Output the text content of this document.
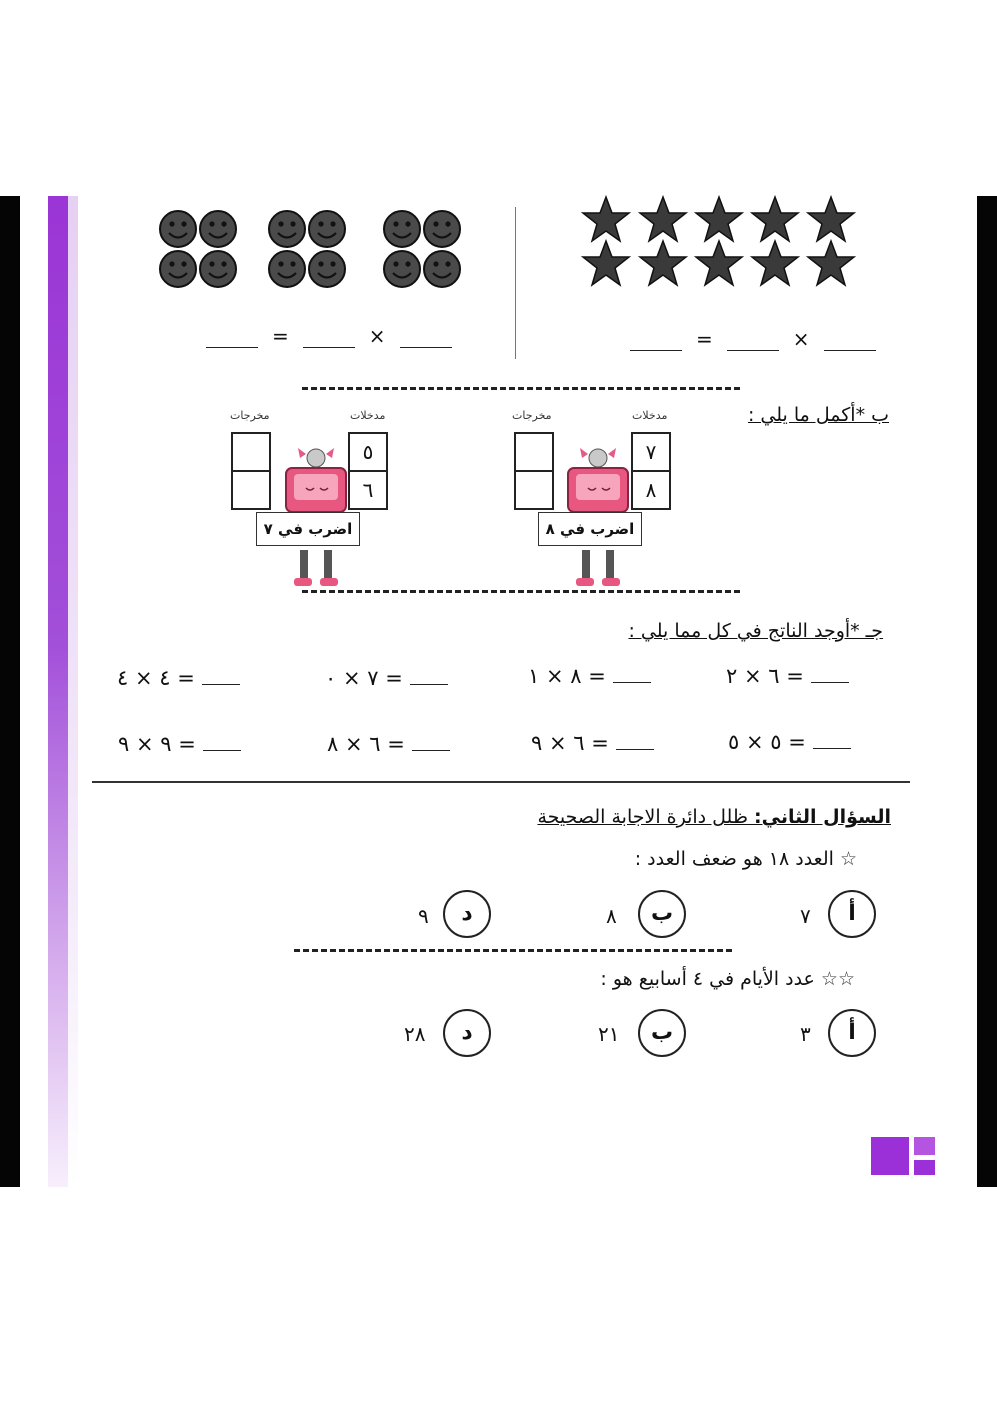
=	×	=	×
ب *أكمل ما يلي :
مدخلات
مخرجات
٧
٨
اضرب في ٨
مدخلات
مخرجات
٥
٦
اضرب في ٧
جـ *أوجد الناتج في كل مما يلي :
٦ × ٢ =
٨ × ١ =
٧ × ٠ =
٤ × ٤ =
٥ × ٥ =
٦ × ٩ =
٦ × ٨ =
٩ × ٩ =
السؤال الثاني: ظلل دائرة الاجابة الصحيحة
☆ العدد ١٨ هو ضعف العدد :
أ
٧
ب
٨
د
٩
☆☆ عدد الأيام في ٤ أسابيع هو :
أ
٣
ب
٢١
د
٢٨
